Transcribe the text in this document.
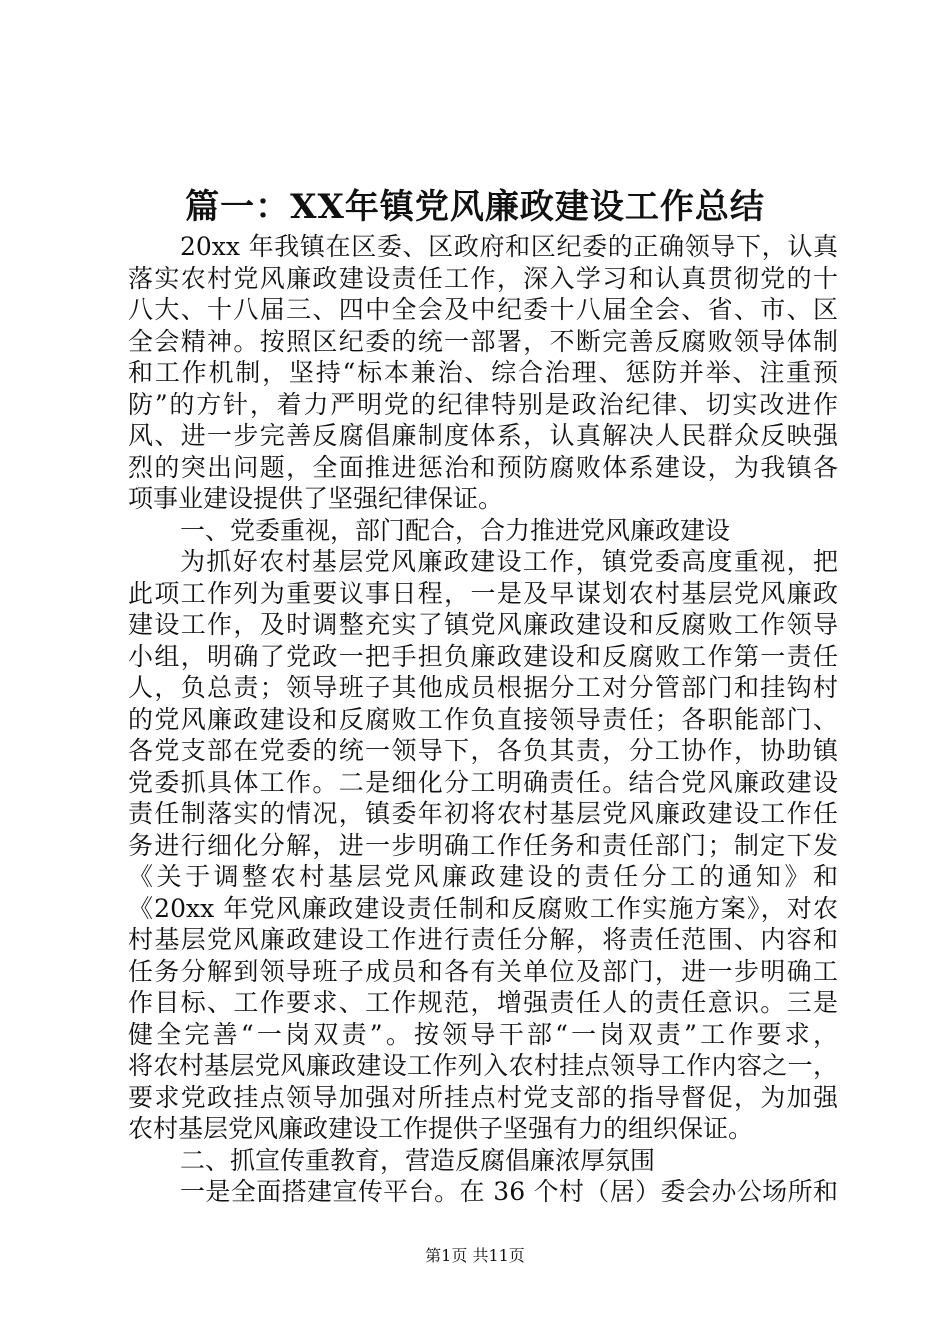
篇一：XX年镇党风廉政建设工作总结
20xx 年我镇在区委、区政府和区纪委的正确领导下，认真
落实农村党风廉政建设责任工作，深入学习和认真贯彻党的十
八大、十八届三、四中全会及中纪委十八届全会、省、市、区
全会精神。按照区纪委的统一部署，不断完善反腐败领导体制
和工作机制，坚持“标本兼治、综合治理、惩防并举、注重预
防”的方针，着力严明党的纪律特别是政治纪律、切实改进作
风、进一步完善反腐倡廉制度体系，认真解决人民群众反映强
烈的突出问题，全面推进惩治和预防腐败体系建设，为我镇各
项事业建设提供了坚强纪律保证。
一、党委重视，部门配合，合力推进党风廉政建设
为抓好农村基层党风廉政建设工作，镇党委高度重视，把
此项工作列为重要议事日程，一是及早谋划农村基层党风廉政
建设工作，及时调整充实了镇党风廉政建设和反腐败工作领导
小组，明确了党政一把手担负廉政建设和反腐败工作第一责任
人，负总责；领导班子其他成员根据分工对分管部门和挂钩村
的党风廉政建设和反腐败工作负直接领导责任；各职能部门、
各党支部在党委的统一领导下，各负其责，分工协作，协助镇
党委抓具体工作。二是细化分工明确责任。结合党风廉政建设
责任制落实的情况，镇委年初将农村基层党风廉政建设工作任
务进行细化分解，进一步明确工作任务和责任部门；制定下发
《关于调整农村基层党风廉政建设的责任分工的通知》和
《20xx 年党风廉政建设责任制和反腐败工作实施方案》，对农
村基层党风廉政建设工作进行责任分解，将责任范围、内容和
任务分解到领导班子成员和各有关单位及部门，进一步明确工
作目标、工作要求、工作规范，增强责任人的责任意识。三是
健全完善“一岗双责”。按领导干部“一岗双责”工作要求，
将农村基层党风廉政建设工作列入农村挂点领导工作内容之一，
要求党政挂点领导加强对所挂点村党支部的指导督促，为加强
农村基层党风廉政建设工作提供子坚强有力的组织保证。
二、抓宣传重教育，营造反腐倡廉浓厚氛围
一是全面搭建宣传平台。在 36 个村（居）委会办公场所和
第1页 共11页
